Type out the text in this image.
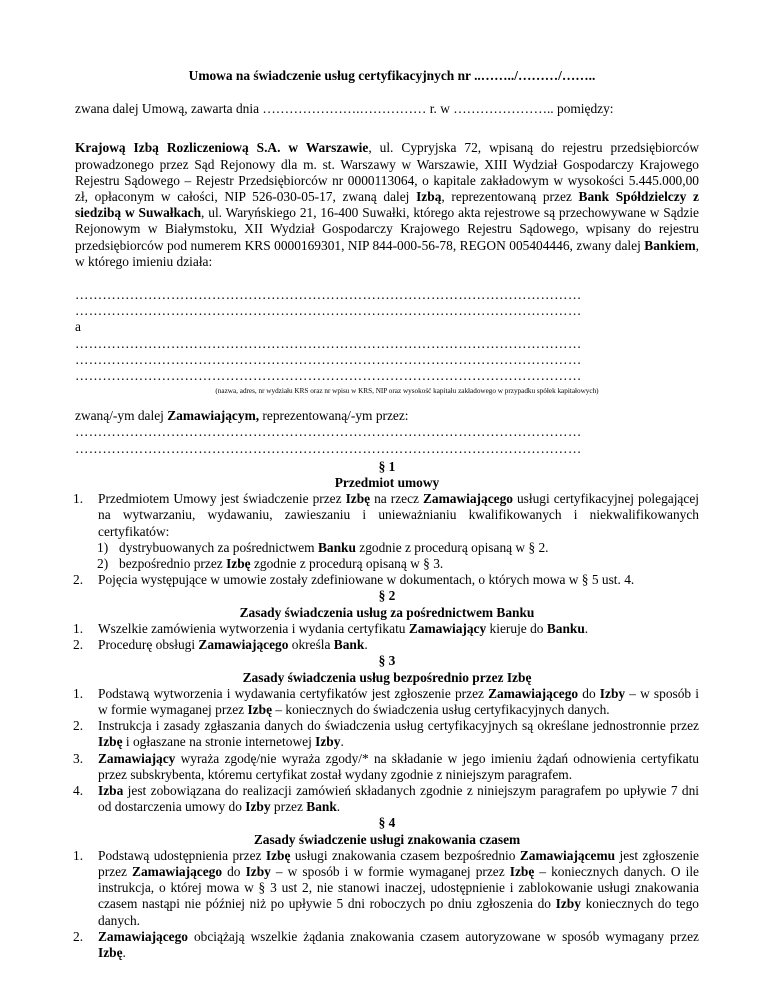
Umowa na świadczenie usług certyfikacyjnych nr ..……../………/……..
zwana dalej Umową, zawarta dnia ………………….…………… r. w ………………….. pomiędzy:
Krajową Izbą Rozliczeniową S.A. w Warszawie, ul. Cypryjska 72, wpisaną do rejestru przedsiębiorców prowadzonego przez Sąd Rejonowy dla m. st. Warszawy w Warszawie, XIII Wydział Gospodarczy Krajowego Rejestru Sądowego – Rejestr Przedsiębiorców nr 0000113064, o kapitale zakładowym w wysokości 5.445.000,00 zł, opłaconym w całości, NIP 526-030-05-17, zwaną dalej Izbą, reprezentowaną przez Bank Spółdzielczy z siedzibą w Suwałkach, ul. Waryńskiego 21, 16-400 Suwałki, którego akta rejestrowe są przechowywane w Sądzie Rejonowym w Białymstoku, XII Wydział Gospodarczy Krajowego Rejestru Sądowego, wpisany do rejestru przedsiębiorców pod numerem KRS 0000169301, NIP 844-000-56-78, REGON 005404446, zwany dalej Bankiem, w którego imieniu działa:
…………………………………………………………………………………………………
…………………………………………………………………………………………………
a
…………………………………………………………………………………………………
…………………………………………………………………………………………………
…………………………………………………………………………………………………
(nazwa, adres, nr wydziału KRS oraz nr wpisu w KRS, NIP oraz wysokość kapitału zakładowego w przypadku spółek kapitałowych)
zwaną/-ym dalej Zamawiającym, reprezentowaną/-ym przez:
…………………………………………………………………………………………………
…………………………………………………………………………………………………
§ 1
Przedmiot umowy
1. Przedmiotem Umowy jest świadczenie przez Izbę na rzecz Zamawiającego usługi certyfikacyjnej polegającej na wytwarzaniu, wydawaniu, zawieszaniu i unieważnianiu kwalifikowanych i niekwalifikowanych certyfikatów:
1) dystrybuowanych za pośrednictwem Banku zgodnie z procedurą opisaną w § 2.
2) bezpośrednio przez Izbę zgodnie z procedurą opisaną w § 3.
2. Pojęcia występujące w umowie zostały zdefiniowane w dokumentach, o których mowa w § 5 ust. 4.
§ 2
Zasady świadczenia usług za pośrednictwem Banku
1. Wszelkie zamówienia wytworzenia i wydania certyfikatu Zamawiający kieruje do Banku.
2. Procedurę obsługi Zamawiającego określa Bank.
§ 3
Zasady świadczenia usług bezpośrednio przez Izbę
1. Podstawą wytworzenia i wydawania certyfikatów jest zgłoszenie przez Zamawiającego do Izby – w sposób i w formie wymaganej przez Izbę – koniecznych do świadczenia usług certyfikacyjnych danych.
2. Instrukcja i zasady zgłaszania danych do świadczenia usług certyfikacyjnych są określane jednostronnie przez Izbę i ogłaszane na stronie internetowej Izby.
3. Zamawiający wyraża zgodę/nie wyraża zgody/* na składanie w jego imieniu żądań odnowienia certyfikatu przez subskrybenta, któremu certyfikat został wydany zgodnie z niniejszym paragrafem.
4. Izba jest zobowiązana do realizacji zamówień składanych zgodnie z niniejszym paragrafem po upływie 7 dni od dostarczenia umowy do Izby przez Bank.
§ 4
Zasady świadczenie usługi znakowania czasem
1. Podstawą udostępnienia przez Izbę usługi znakowania czasem bezpośrednio Zamawiającemu jest zgłoszenie przez Zamawiającego do Izby – w sposób i w formie wymaganej przez Izbę – koniecznych danych. O ile instrukcja, o której mowa w § 3 ust 2, nie stanowi inaczej, udostępnienie i zablokowanie usługi znakowania czasem nastąpi nie później niż po upływie 5 dni roboczych po dniu zgłoszenia do Izby koniecznych do tego danych.
2. Zamawiającego obciążają wszelkie żądania znakowania czasem autoryzowane w sposób wymagany przez Izbę.
